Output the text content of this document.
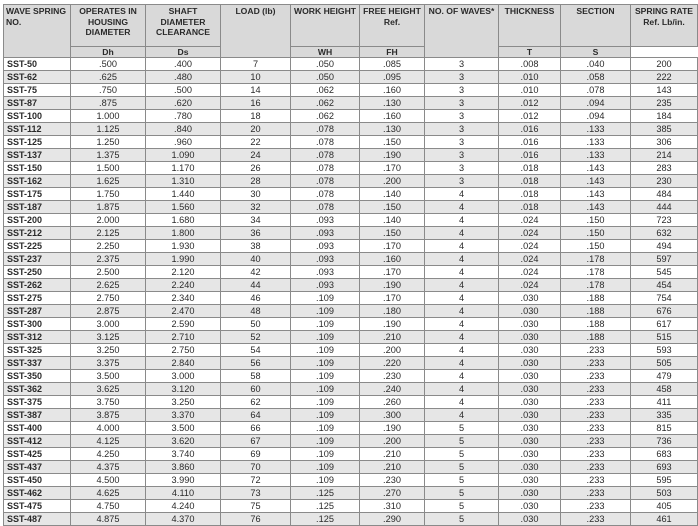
WAVE SPRING NO.	OPERATES IN HOUSING DIAMETER	SHAFT DIAMETER CLEARANCE	LOAD (lb)	WORK HEIGHT	FREE HEIGHT Ref.	NO. OF WAVES*	THICKNESS	SECTION	SPRING RATE Ref. Lb/in.
	Dh	Ds		WH	FH		T	S	
SST-50	.500	.400	7	.050	.085	3	.008	.040	200
SST-62	.625	.480	10	.050	.095	3	.010	.058	222
SST-75	.750	.500	14	.062	.160	3	.010	.078	143
SST-87	.875	.620	16	.062	.130	3	.012	.094	235
SST-100	1.000	.780	18	.062	.160	3	.012	.094	184
SST-112	1.125	.840	20	.078	.130	3	.016	.133	385
SST-125	1.250	.960	22	.078	.150	3	.016	.133	306
SST-137	1.375	1.090	24	.078	.190	3	.016	.133	214
SST-150	1.500	1.170	26	.078	.170	3	.018	.143	283
SST-162	1.625	1.310	28	.078	.200	3	.018	.143	230
SST-175	1.750	1.440	30	.078	.140	4	.018	.143	484
SST-187	1.875	1.560	32	.078	.150	4	.018	.143	444
SST-200	2.000	1.680	34	.093	.140	4	.024	.150	723
SST-212	2.125	1.800	36	.093	.150	4	.024	.150	632
SST-225	2.250	1.930	38	.093	.170	4	.024	.150	494
SST-237	2.375	1.990	40	.093	.160	4	.024	.178	597
SST-250	2.500	2.120	42	.093	.170	4	.024	.178	545
SST-262	2.625	2.240	44	.093	.190	4	.024	.178	454
SST-275	2.750	2.340	46	.109	.170	4	.030	.188	754
SST-287	2.875	2.470	48	.109	.180	4	.030	.188	676
SST-300	3.000	2.590	50	.109	.190	4	.030	.188	617
SST-312	3.125	2.710	52	.109	.210	4	.030	.188	515
SST-325	3.250	2.750	54	.109	.200	4	.030	.233	593
SST-337	3.375	2.840	56	.109	.220	4	.030	.233	505
SST-350	3.500	3.000	58	.109	.230	4	.030	.233	479
SST-362	3.625	3.120	60	.109	.240	4	.030	.233	458
SST-375	3.750	3.250	62	.109	.260	4	.030	.233	411
SST-387	3.875	3.370	64	.109	.300	4	.030	.233	335
SST-400	4.000	3.500	66	.109	.190	5	.030	.233	815
SST-412	4.125	3.620	67	.109	.200	5	.030	.233	736
SST-425	4.250	3.740	69	.109	.210	5	.030	.233	683
SST-437	4.375	3.860	70	.109	.210	5	.030	.233	693
SST-450	4.500	3.990	72	.109	.230	5	.030	.233	595
SST-462	4.625	4.110	73	.125	.270	5	.030	.233	503
SST-475	4.750	4.240	75	.125	.310	5	.030	.233	405
SST-487	4.875	4.370	76	.125	.290	5	.030	.233	461
